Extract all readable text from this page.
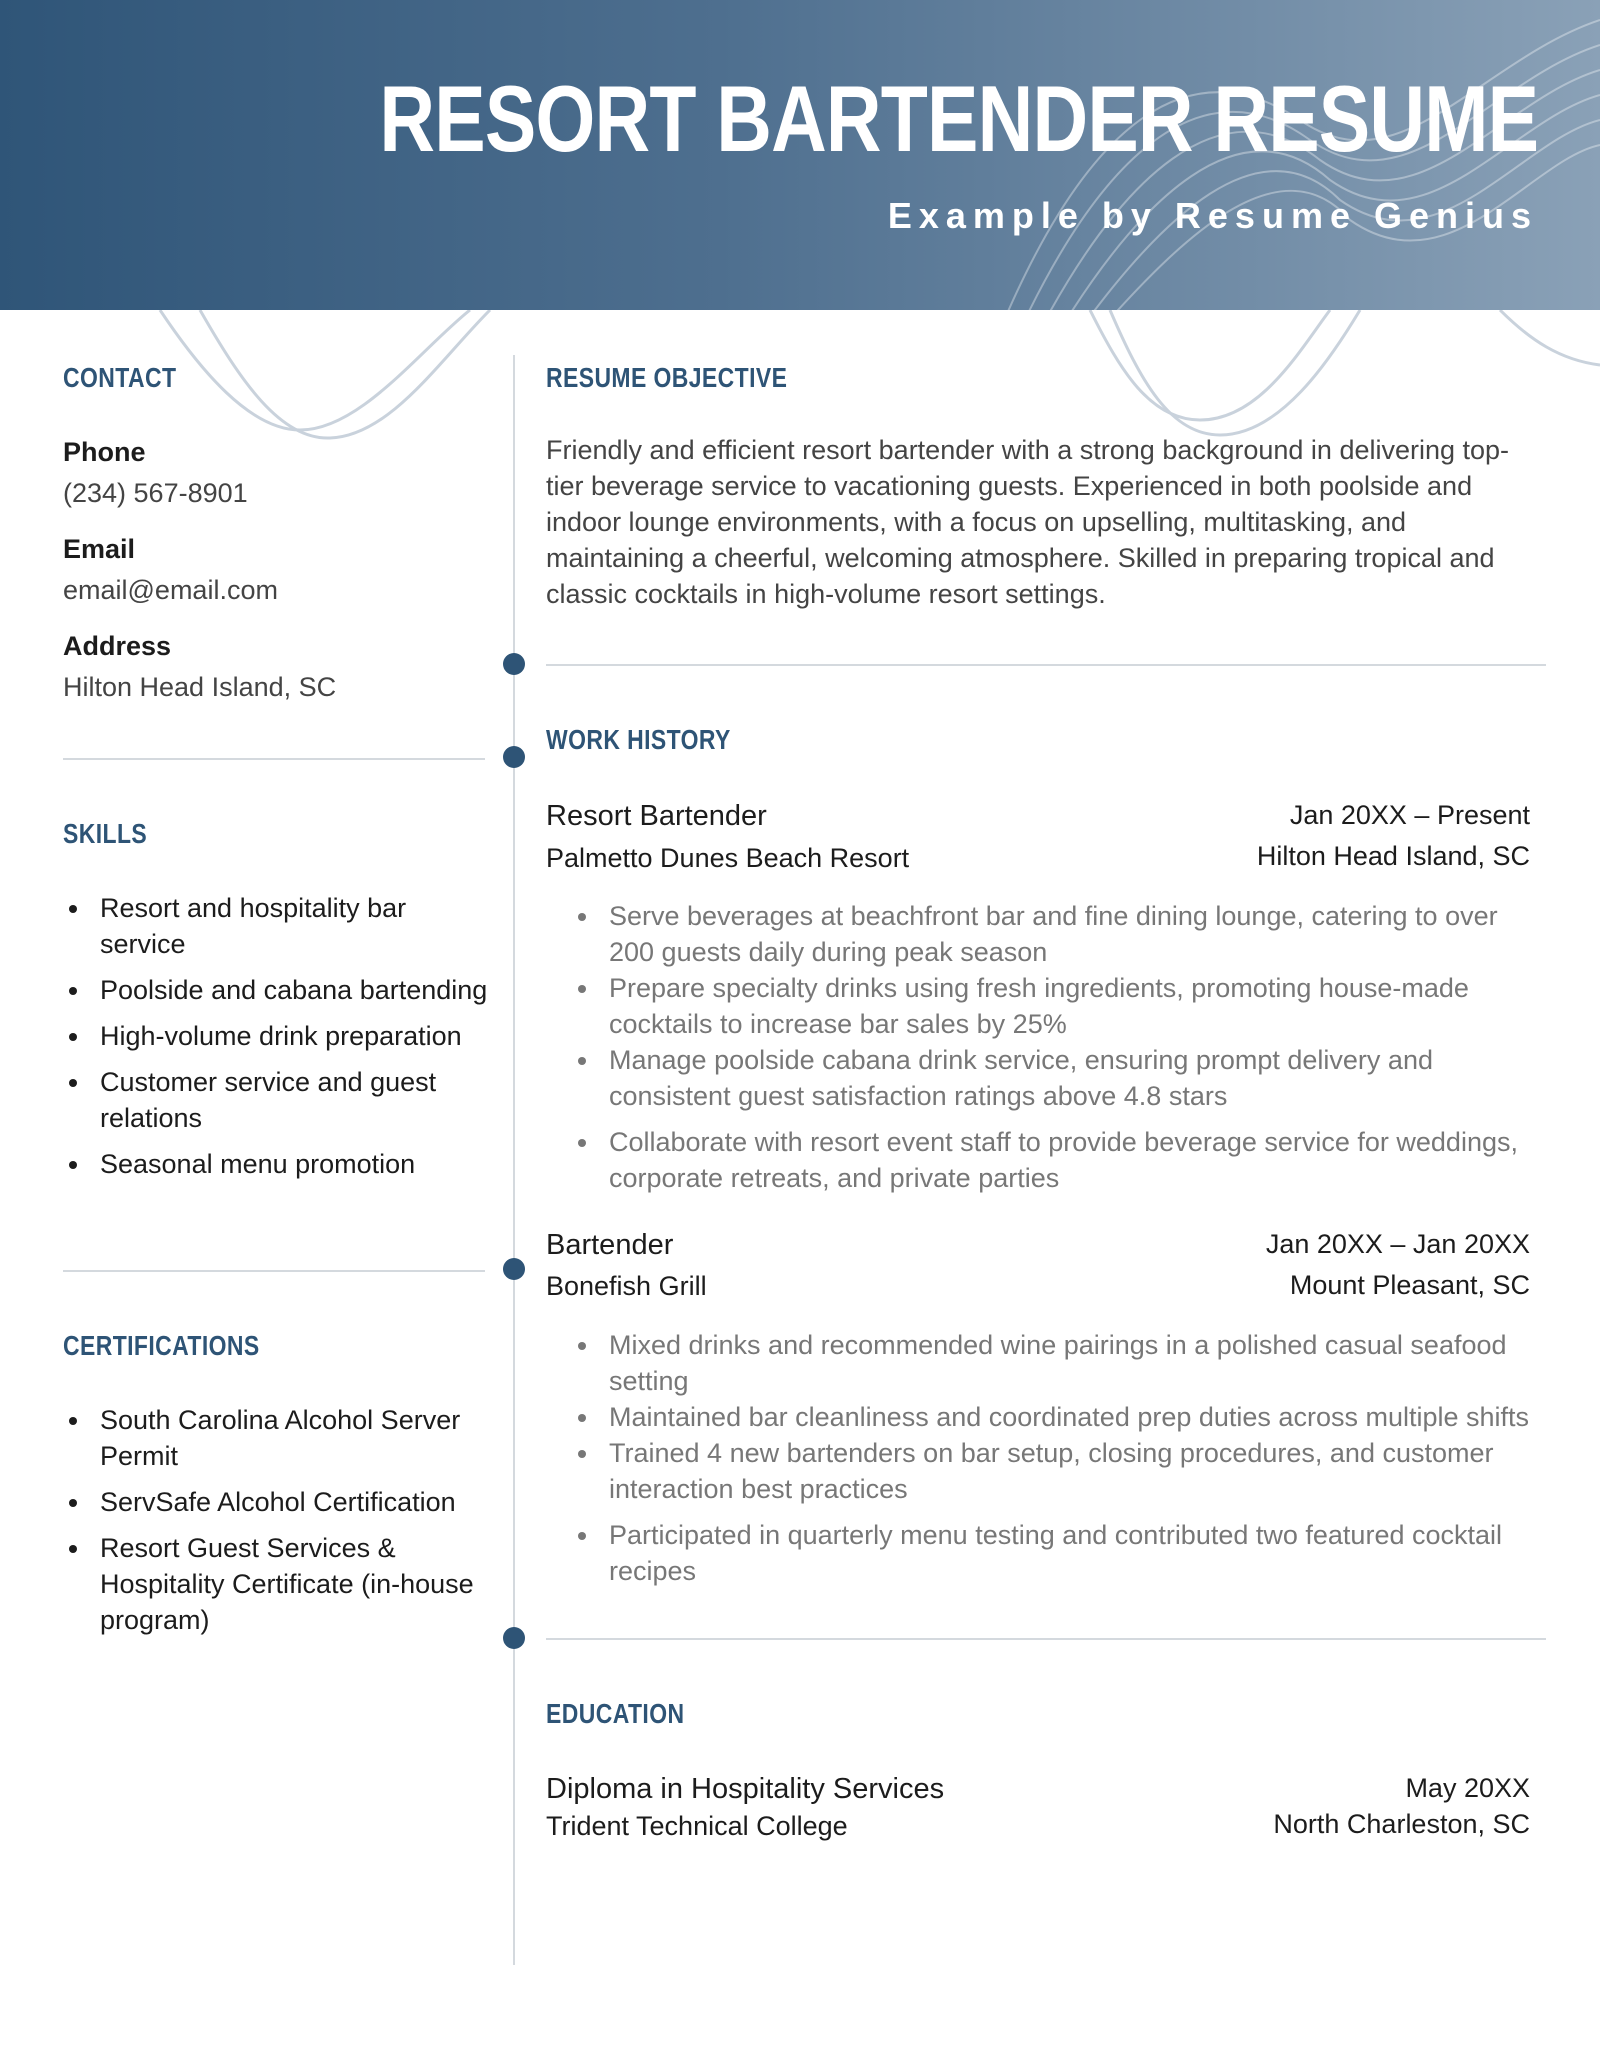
RESORT BARTENDER RESUME
Example by Resume Genius
CONTACT
Phone
(234) 567-8901
Email
email@email.com
Address
Hilton Head Island, SC
SKILLS
Resort and hospitality bar service
Poolside and cabana bartending
High-volume drink preparation
Customer service and guest relations
Seasonal menu promotion
CERTIFICATIONS
South Carolina Alcohol Server Permit
ServSafe Alcohol Certification
Resort Guest Services & Hospitality Certificate (in-house program)
RESUME OBJECTIVE

Friendly and efficient resort bartender with a strong background in delivering top-tier beverage service to vacationing guests. Experienced in both poolside and indoor lounge environments, with a focus on upselling, multitasking, and maintaining a cheerful, welcoming atmosphere. Skilled in preparing tropical and classic cocktails in high-volume resort settings.

WORK HISTORY
Resort Bartender	Jan 20XX – Present
Palmetto Dunes Beach Resort	Hilton Head Island, SC
Serve beverages at beachfront bar and fine dining lounge, catering to over 200 guests daily during peak season
Prepare specialty drinks using fresh ingredients, promoting house-made cocktails to increase bar sales by 25%
Manage poolside cabana drink service, ensuring prompt delivery and consistent guest satisfaction ratings above 4.8 stars
Collaborate with resort event staff to provide beverage service for weddings, corporate retreats, and private parties
Bartender	Jan 20XX – Jan 20XX
Bonefish Grill	Mount Pleasant, SC
Mixed drinks and recommended wine pairings in a polished casual seafood setting
Maintained bar cleanliness and coordinated prep duties across multiple shifts
Trained 4 new bartenders on bar setup, closing procedures, and customer interaction best practices
Participated in quarterly menu testing and contributed two featured cocktail recipes
EDUCATION
Diploma in Hospitality Services	May 20XX
Trident Technical College	North Charleston, SC
